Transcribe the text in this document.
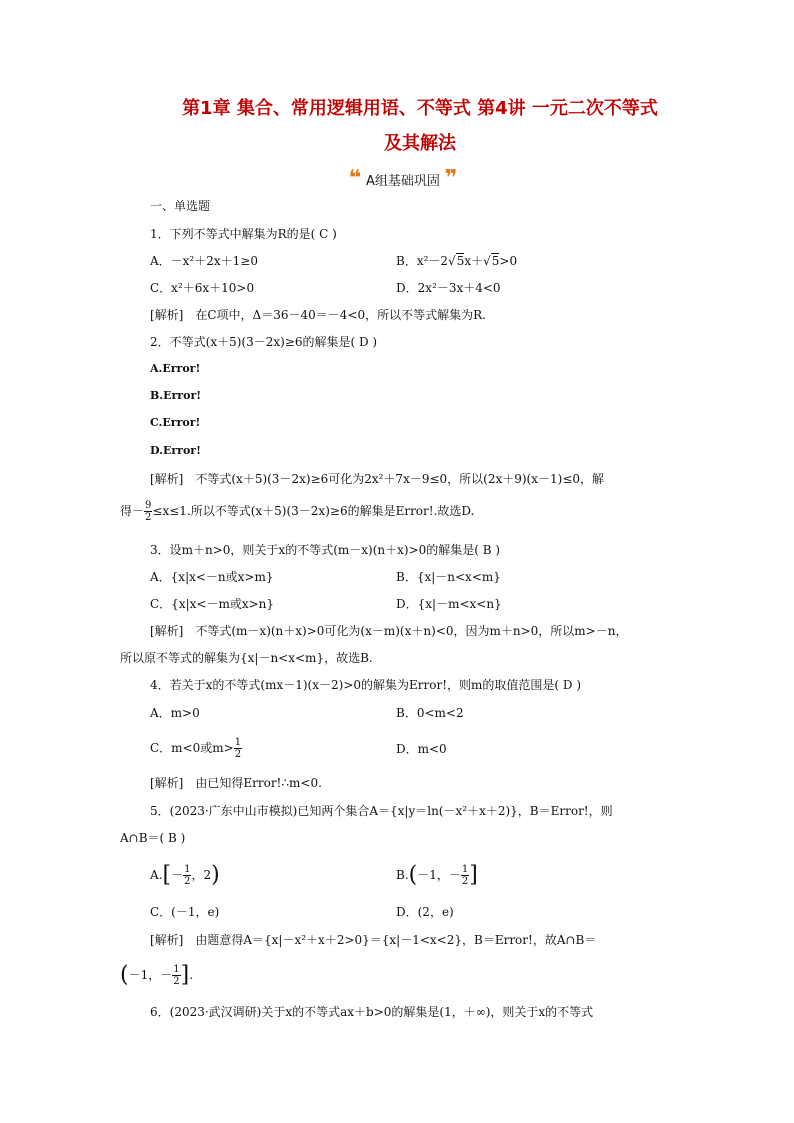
第1章 集合、常用逻辑用语、不等式 第4讲 一元二次不等式
及其解法
❝ A组基础巩固 ❞
一、单选题
1．下列不等式中解集为R的是( C )
A．－x²＋2x＋1≥0	B．x²－2√5x＋√5>0
C．x²＋6x＋10>0	D．2x²－3x＋4<0
[解析]　在C项中，Δ＝36－40＝－4<0，所以不等式解集为R.
2．不等式(x＋5)(3－2x)≥6的解集是( D )
A.Error!
B.Error!
C.Error!
D.Error!
[解析]　不等式(x＋5)(3－2x)≥6可化为2x²＋7x－9≤0，所以(2x＋9)(x－1)≤0，解
得－ $\frac{9}{2} \le x\le 1$.所以不等式(x＋5)(3－2x)≥6的解集是Error!.故选D.
3．设m＋n>0，则关于x的不等式(m－x)(n＋x)>0的解集是( B )
A．{x|x<－n或x>m}	B．{x|－n<x<m}
C．{x|x<－m或x>n}	D．{x|－m<x<n}
[解析]　不等式(m－x)(n＋x)>0可化为(x－m)(x＋n)<0，因为m＋n>0，所以m>－n，
所以原不等式的解集为{x|－n<x<m}，故选B.
4．若关于x的不等式(mx－1)(x－2)>0的解集为Error!，则m的取值范围是( D )
A．m>0	B．0<m<2
C．m<0或$m> \frac{1}{2}$	D．m<0
[解析]　由已知得Error!∴m<0.
5．(2023·广东中山市模拟)已知两个集合A＝{x|y＝ln(－x²＋x＋2)}，B＝Error!，则
A∩B＝( B )
$A.[- \frac{1}{2}$ ，2)	B.(－1，－ $\frac{1}{2}$ ]
C．(－1，e)	D．(2，e)
[解析]　由题意得A＝{x|－x²＋x＋2>0}＝{x|－1<x<2}，B＝Error!，故A∩B＝
(－1，－ $\frac{1}{2}$ ].
6．(2023·武汉调研)关于x的不等式ax＋b>0的解集是(1，＋∞)，则关于x的不等式
